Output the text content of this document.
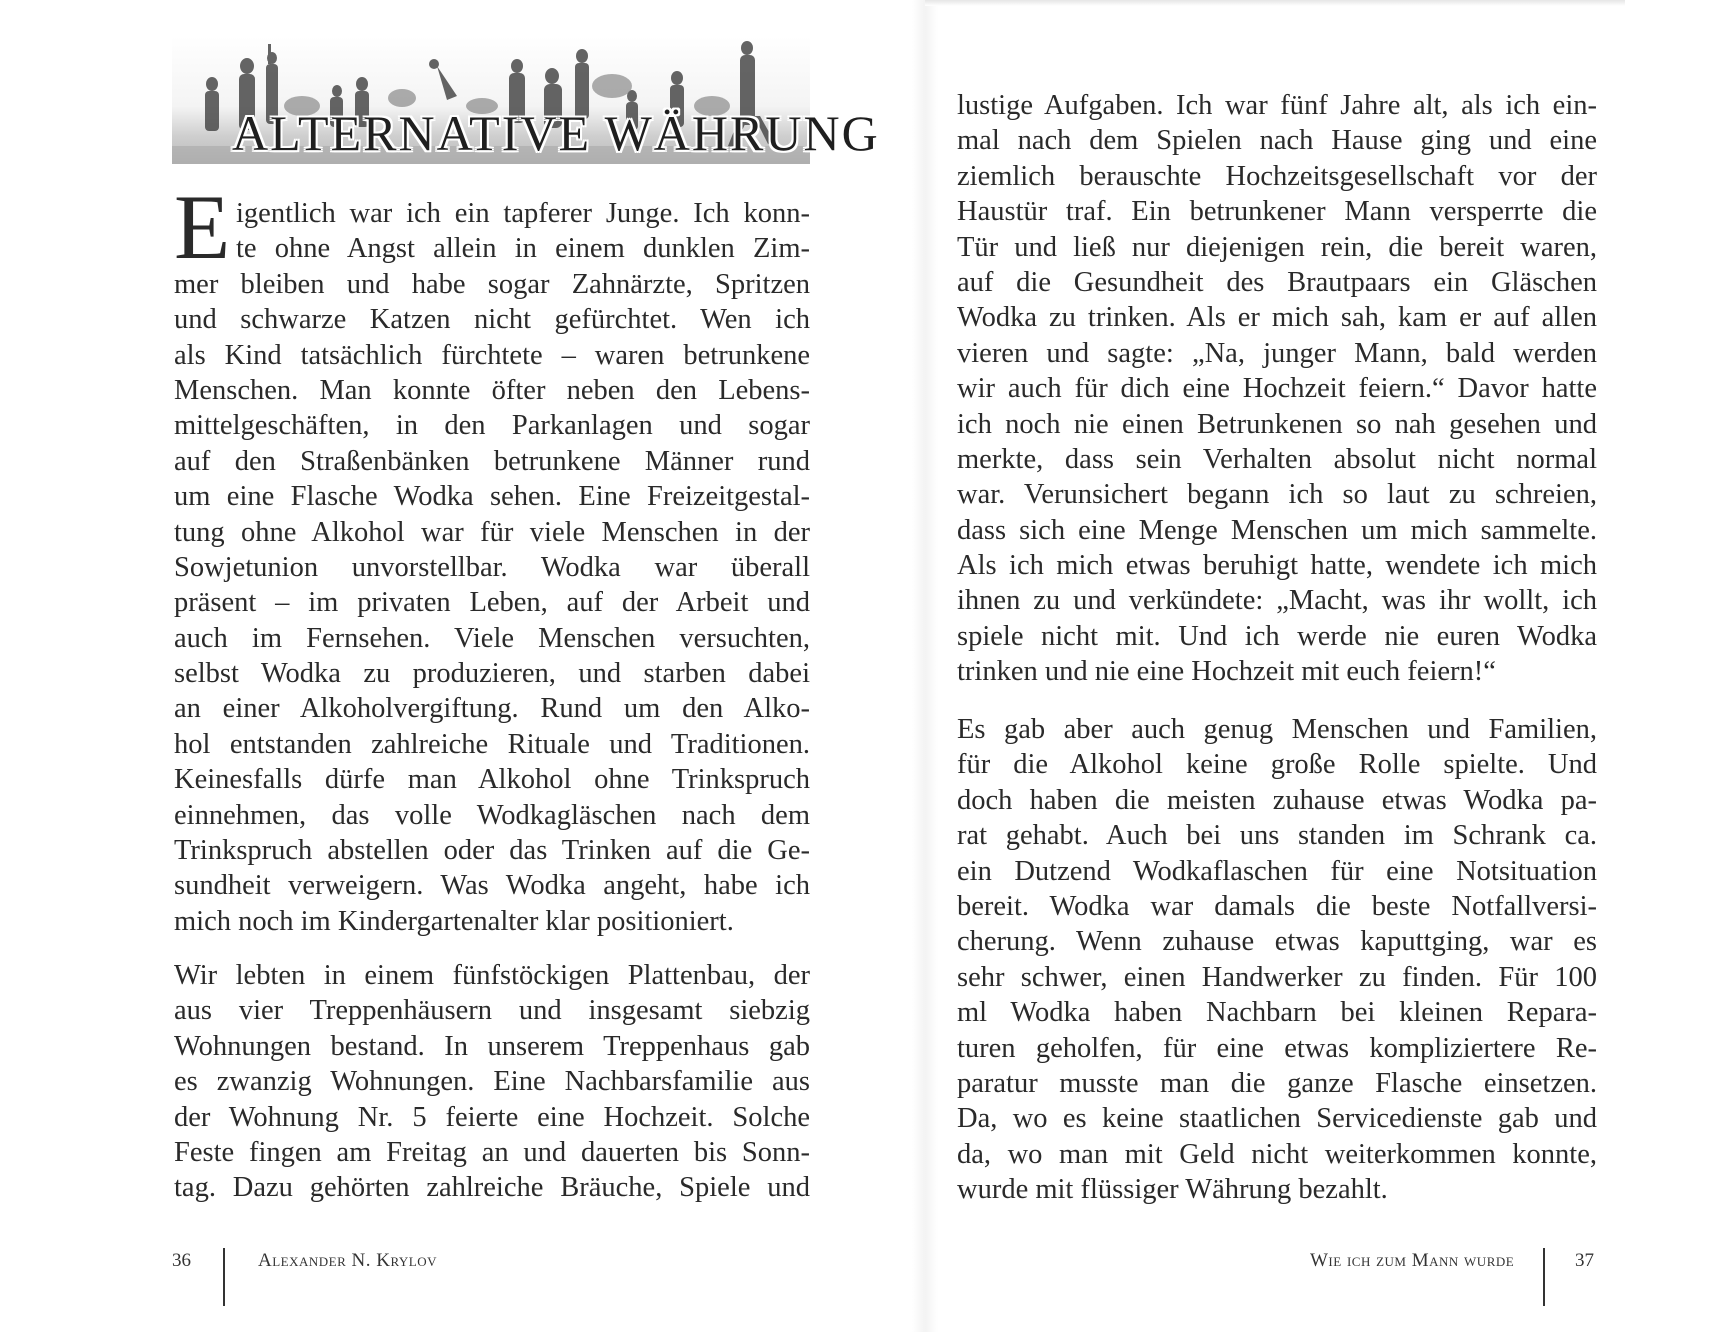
ALTERNATIVE WÄHRUNG
E igentlich war ich ein tapferer Junge. Ich konn-
te ohne Angst allein in einem dunklen Zim-
mer bleiben und habe sogar Zahnärzte, Spritzen
und schwarze Katzen nicht gefürchtet. Wen ich
als Kind tatsächlich fürchtete – waren betrunkene
Menschen. Man konnte öfter neben den Lebens-
mittelgeschäften, in den Parkanlagen und sogar
auf den Straßenbänken betrunkene Männer rund
um eine Flasche Wodka sehen. Eine Freizeitgestal-
tung ohne Alkohol war für viele Menschen in der
Sowjetunion unvorstellbar. Wodka war überall
präsent – im privaten Leben, auf der Arbeit und
auch im Fernsehen. Viele Menschen versuchten,
selbst Wodka zu produzieren, und starben dabei
an einer Alkoholvergiftung. Rund um den Alko-
hol entstanden zahlreiche Rituale und Traditionen.
Keinesfalls dürfe man Alkohol ohne Trinkspruch
einnehmen, das volle Wodkagläschen nach dem
Trinkspruch abstellen oder das Trinken auf die Ge-
sundheit verweigern. Was Wodka angeht, habe ich
mich noch im Kindergartenalter klar positioniert.
Wir lebten in einem fünfstöckigen Plattenbau, der
aus vier Treppenhäusern und insgesamt siebzig
Wohnungen bestand. In unserem Treppenhaus gab
es zwanzig Wohnungen. Eine Nachbarsfamilie aus
der Wohnung Nr. 5 feierte eine Hochzeit. Solche
Feste fingen am Freitag an und dauerten bis Sonn-
tag. Dazu gehörten zahlreiche Bräuche, Spiele und
36	Alexander N. Krylov
lustige Aufgaben. Ich war fünf Jahre alt, als ich ein-
mal nach dem Spielen nach Hause ging und eine
ziemlich berauschte Hochzeitsgesellschaft vor der
Haustür traf. Ein betrunkener Mann versperrte die
Tür und ließ nur diejenigen rein, die bereit waren,
auf die Gesundheit des Brautpaars ein Gläschen
Wodka zu trinken. Als er mich sah, kam er auf allen
vieren und sagte: „Na, junger Mann, bald werden
wir auch für dich eine Hochzeit feiern.“ Davor hatte
ich noch nie einen Betrunkenen so nah gesehen und
merkte, dass sein Verhalten absolut nicht normal
war. Verunsichert begann ich so laut zu schreien,
dass sich eine Menge Menschen um mich sammelte.
Als ich mich etwas beruhigt hatte, wendete ich mich
ihnen zu und verkündete: „Macht, was ihr wollt, ich
spiele nicht mit. Und ich werde nie euren Wodka
trinken und nie eine Hochzeit mit euch feiern!“
Es gab aber auch genug Menschen und Familien,
für die Alkohol keine große Rolle spielte. Und
doch haben die meisten zuhause etwas Wodka pa-
rat gehabt. Auch bei uns standen im Schrank ca.
ein Dutzend Wodkaflaschen für eine Notsituation
bereit. Wodka war damals die beste Notfallversi-
cherung. Wenn zuhause etwas kaputtging, war es
sehr schwer, einen Handwerker zu finden. Für 100
ml Wodka haben Nachbarn bei kleinen Repara-
turen geholfen, für eine etwas kompliziertere Re-
paratur musste man die ganze Flasche einsetzen.
Da, wo es keine staatlichen Servicedienste gab und
da, wo man mit Geld nicht weiterkommen konnte,
wurde mit flüssiger Währung bezahlt.
Wie ich zum Mann wurde	37
